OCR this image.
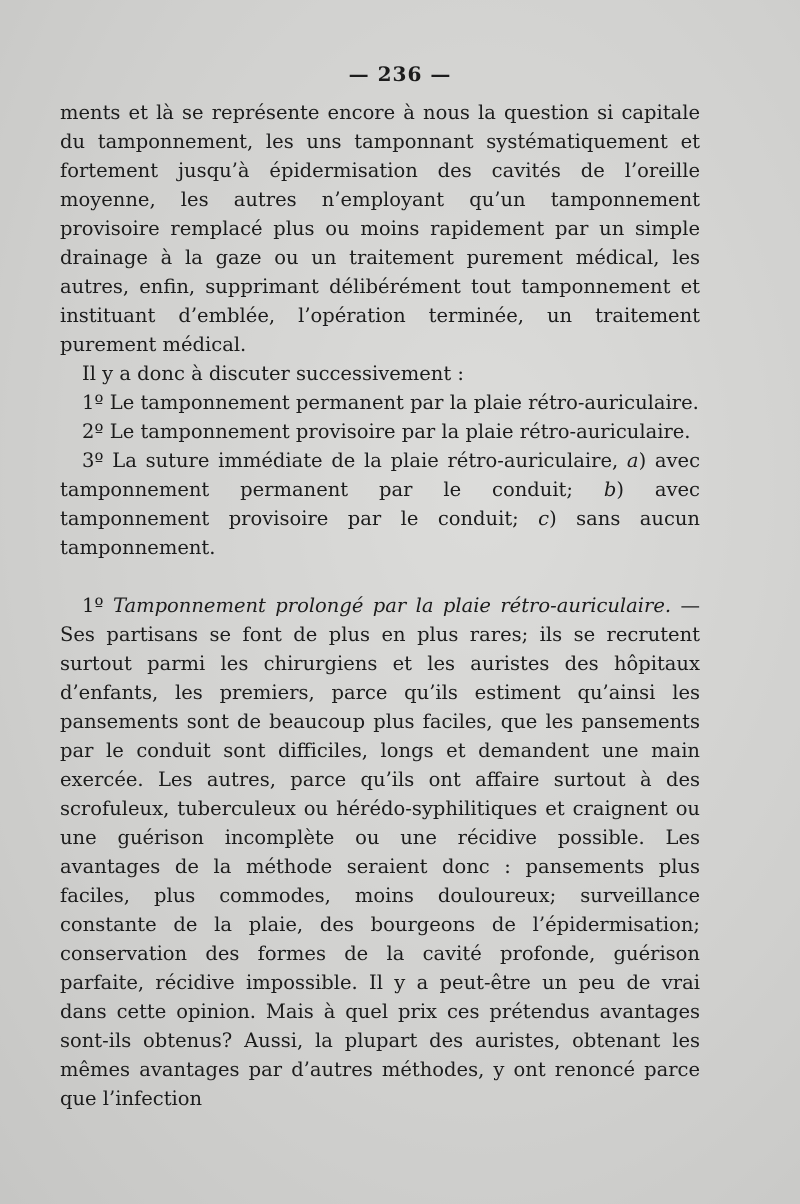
— 236 —

ments et là se représente encore à nous la question si capitale du tamponnement, les uns tamponnant systématiquement et fortement jusqu’à épidermisation des cavités de l’oreille moyenne, les autres n’employant qu’un tamponnement provisoire remplacé plus ou moins rapidement par un simple drainage à la gaze ou un traitement purement médical, les autres, enfin, supprimant délibérément tout tamponnement et instituant d’emblée, l’opération terminée, un traitement purement médical.

Il y a donc à discuter successivement :

1º Le tamponnement permanent par la plaie rétro-auriculaire.

2º Le tamponnement provisoire par la plaie rétro-auriculaire.

3º La suture immédiate de la plaie rétro-auriculaire, a) avec tamponnement permanent par le conduit; b) avec tamponnement provisoire par le conduit; c) sans aucun tamponnement.

1º Tamponnement prolongé par la plaie rétro-auriculaire. — Ses partisans se font de plus en plus rares; ils se recrutent surtout parmi les chirurgiens et les auristes des hôpitaux d’enfants, les premiers, parce qu’ils estiment qu’ainsi les pansements sont de beaucoup plus faciles, que les pansements par le conduit sont difficiles, longs et demandent une main exercée. Les autres, parce qu’ils ont affaire surtout à des scrofuleux, tuberculeux ou hérédo-syphilitiques et craignent ou une guérison incomplète ou une récidive possible. Les avantages de la méthode seraient donc : pansements plus faciles, plus commodes, moins douloureux; surveillance constante de la plaie, des bourgeons de l’épidermisation; conservation des formes de la cavité profonde, guérison parfaite, récidive impossible. Il y a peut-être un peu de vrai dans cette opinion. Mais à quel prix ces prétendus avantages sont-ils obtenus? Aussi, la plupart des auristes, obtenant les mêmes avantages par d’autres méthodes, y ont renoncé parce que l’infection
